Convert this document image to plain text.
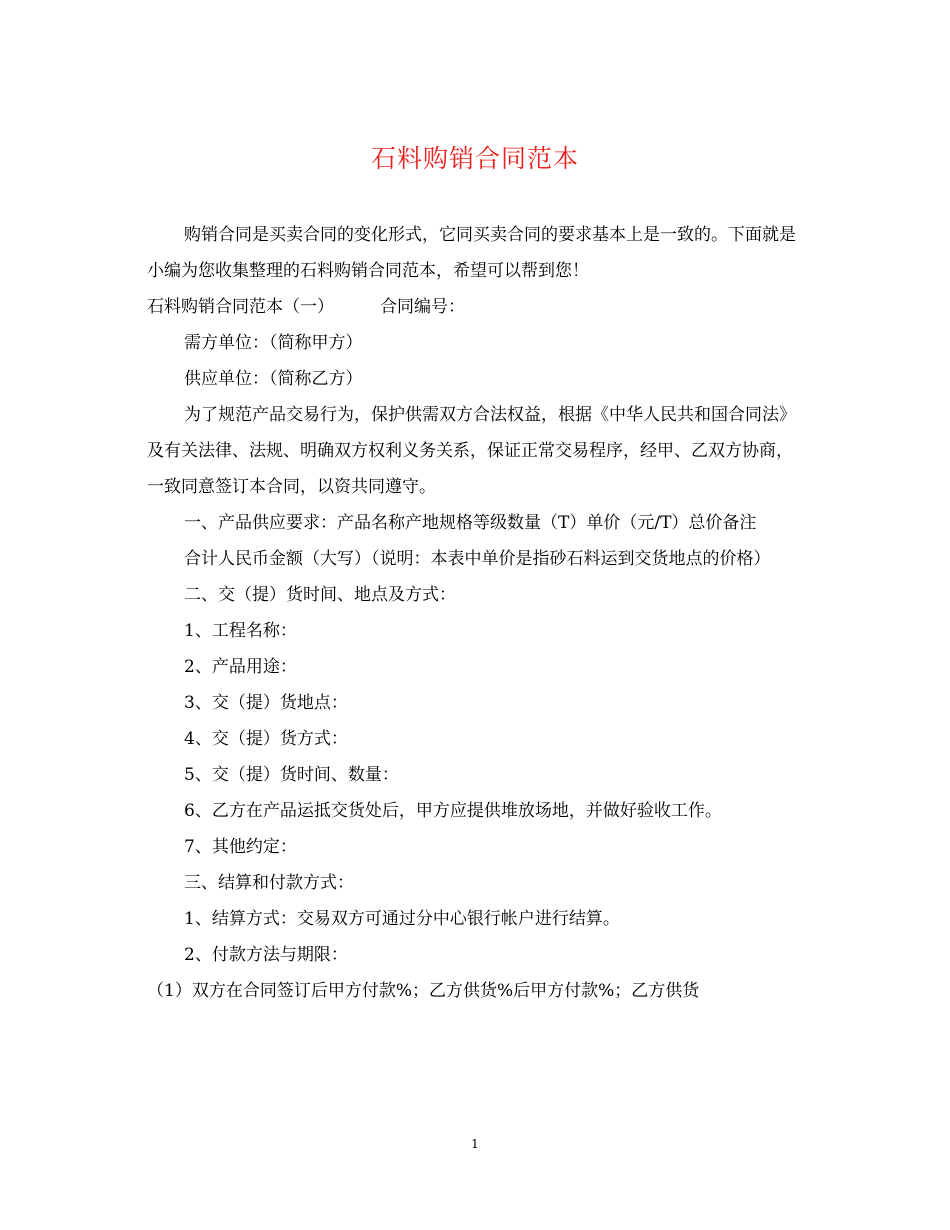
石料购销合同范本

购销合同是买卖合同的变化形式，它同买卖合同的要求基本上是一致的。下面就是小编为您收集整理的石料购销合同范本，希望可以帮到您！

石料购销合同范本（一）	合同编号：

需方单位：（简称甲方）

供应单位：（简称乙方）

为了规范产品交易行为，保护供需双方合法权益，根据《中华人民共和国合同法》及有关法律、法规、明确双方权利义务关系，保证正常交易程序，经甲、乙双方协商，一致同意签订本合同，以资共同遵守。

一、产品供应要求：产品名称产地规格等级数量（T）单价（元/T）总价备注

合计人民币金额（大写）（说明：本表中单价是指砂石料运到交货地点的价格）

二、交（提）货时间、地点及方式：

1、工程名称：

2、产品用途：

3、交（提）货地点：

4、交（提）货方式：

5、交（提）货时间、数量：

6、乙方在产品运抵交货处后，甲方应提供堆放场地，并做好验收工作。

7、其他约定：

三、结算和付款方式：

1、结算方式：交易双方可通过分中心银行帐户进行结算。

2、付款方法与期限：

（1）双方在合同签订后甲方付款%；乙方供货%后甲方付款%；乙方供货

1
